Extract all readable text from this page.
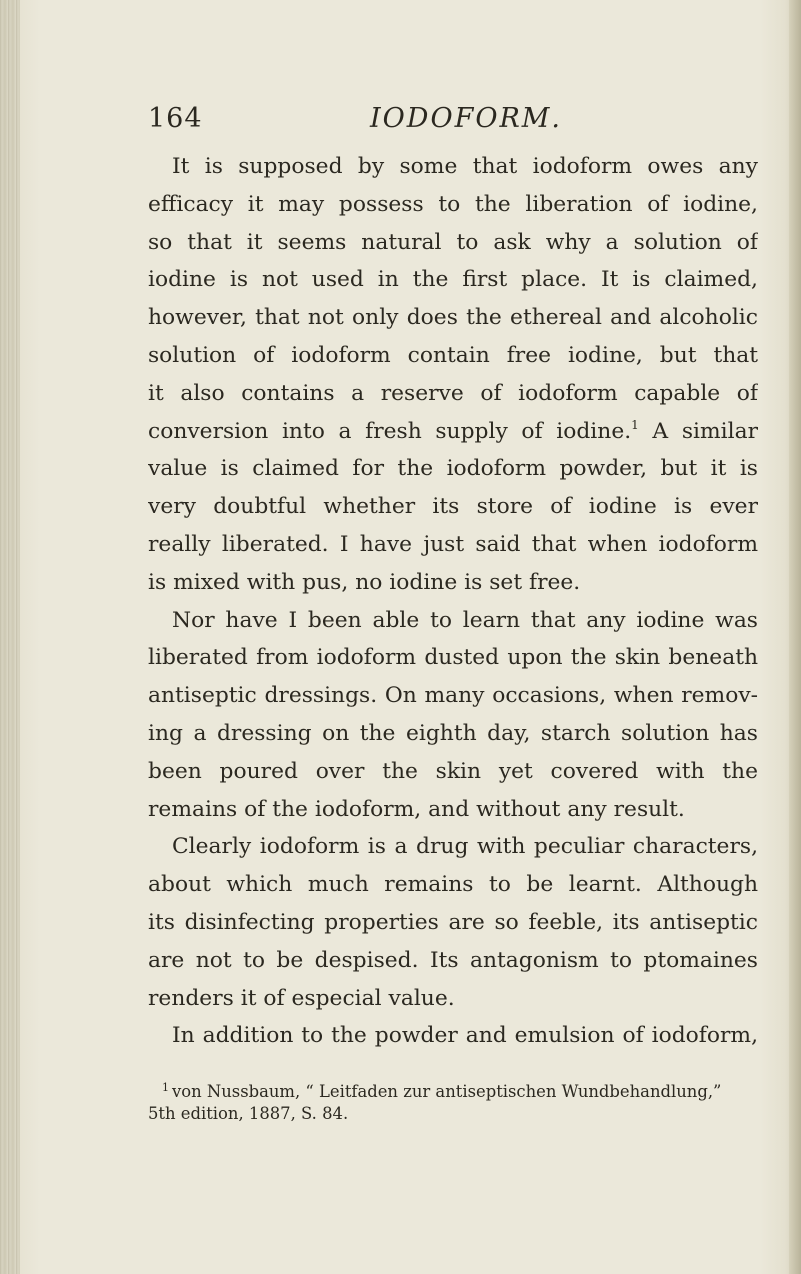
164	IODOFORM.
It is supposed by some that iodoform owes any
efficacy it may possess to the liberation of iodine,
so that it seems natural to ask why a solution of
iodine is not used in the first place. It is claimed,
however, that not only does the ethereal and alcoholic
solution of iodoform contain free iodine, but that
it also contains a reserve of iodoform capable of
conversion into a fresh supply of iodine.$^1$ A similar
value is claimed for the iodoform powder, but it is
very doubtful whether its store of iodine is ever
really liberated. I have just said that when iodoform
is mixed with pus, no iodine is set free.
Nor have I been able to learn that any iodine was
liberated from iodoform dusted upon the skin beneath
antiseptic dressings. On many occasions, when remov-
ing a dressing on the eighth day, starch solution has
been poured over the skin yet covered with the
remains of the iodoform, and without any result.
Clearly iodoform is a drug with peculiar characters,
about which much remains to be learnt. Although
its disinfecting properties are so feeble, its antiseptic
are not to be despised. Its antagonism to ptomaines
renders it of especial value.
In addition to the powder and emulsion of iodoform,
$^1$ von Nussbaum, “ Leitfaden zur antiseptischen Wundbehandlung,”
5th edition, 1887, S. 84.
